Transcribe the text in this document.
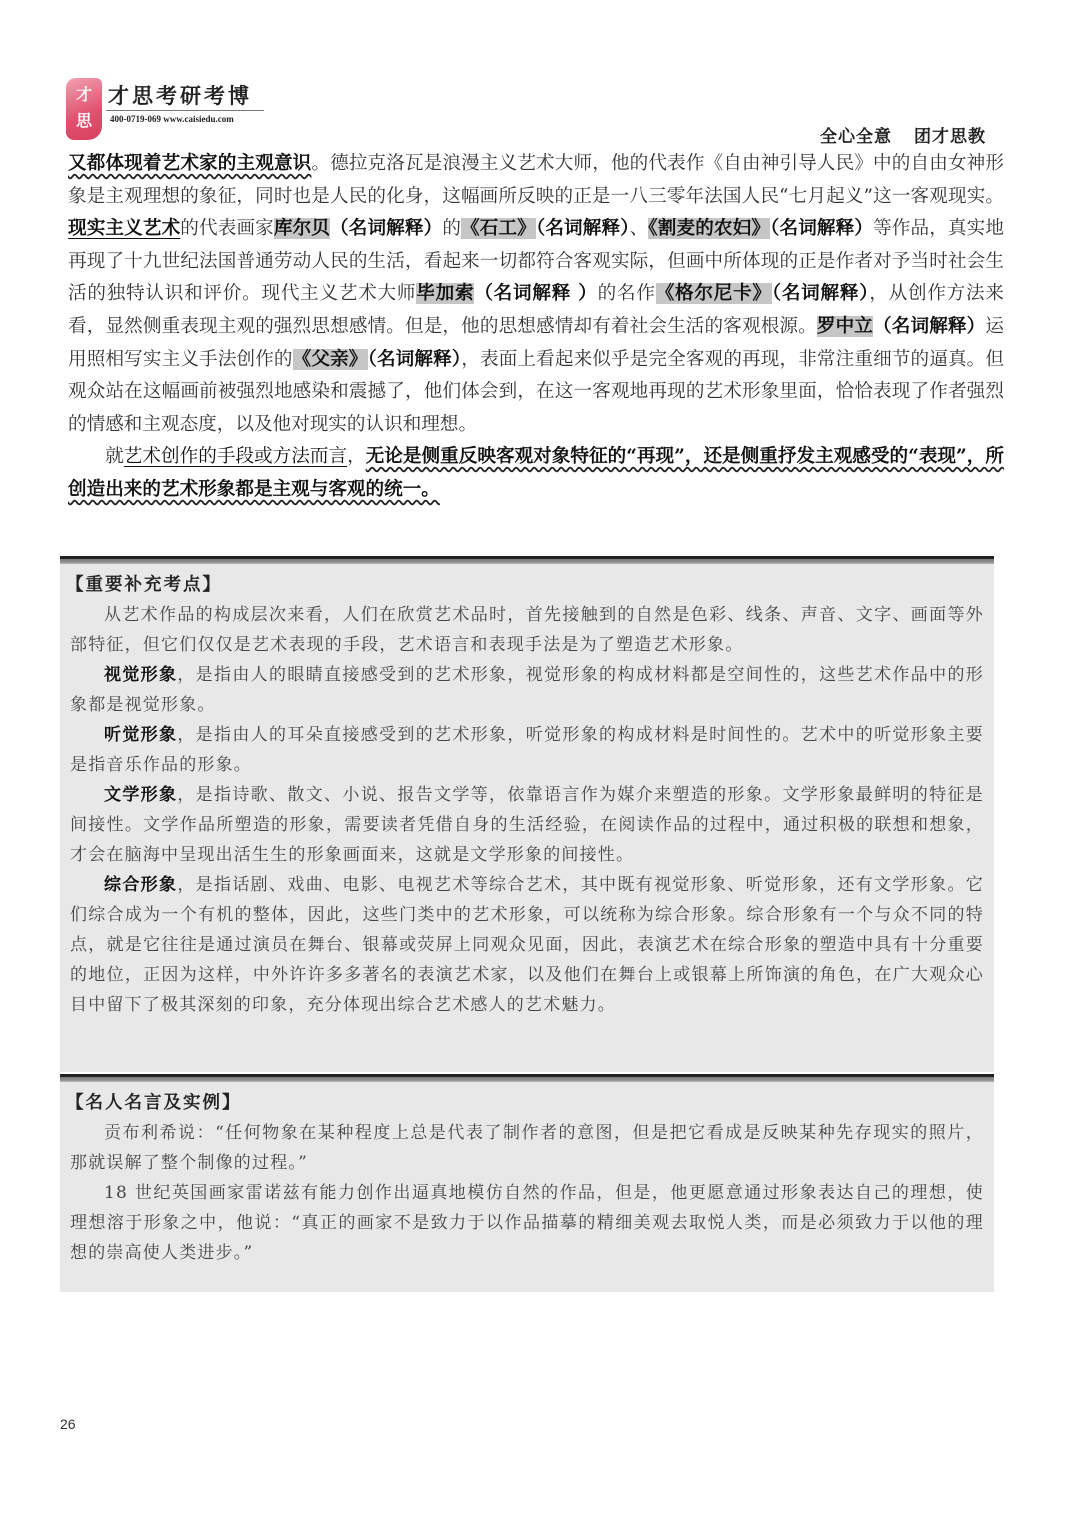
才
思
才思考研考博
400-0719-069 www.caisiedu.com
全心全意 团才思教

又都体现着艺术家的主观意识。德拉克洛瓦是浪漫主义艺术大师，他的代表作《自由神引导人民》中的自由女神形象是主观理想的象征，同时也是人民的化身，这幅画所反映的正是一八三零年法国人民“七月起义”这一客观现实。现实主义艺术的代表画家库尔贝（名词解释）的《石工》（名词解释）、《割麦的农妇》（名词解释）等作品，真实地再现了十九世纪法国普通劳动人民的生活，看起来一切都符合客观实际，但画中所体现的正是作者对予当时社会生活的独特认识和评价。现代主义艺术大师毕加索（名词解释 ）的名作《格尔尼卡》（名词解释），从创作方法来看，显然侧重表现主观的强烈思想感情。但是，他的思想感情却有着社会生活的客观根源。罗中立（名词解释）运用照相写实主义手法创作的《父亲》（名词解释），表面上看起来似乎是完全客观的再现，非常注重细节的逼真。但观众站在这幅画前被强烈地感染和震撼了，他们体会到，在这一客观地再现的艺术形象里面，恰恰表现了作者强烈的情感和主观态度，以及他对现实的认识和理想。

就艺术创作的手段或方法而言，无论是侧重反映客观对象特征的“再现”，还是侧重抒发主观感受的“表现”，所创造出来的艺术形象都是主观与客观的统一。

【重要补充考点】

从艺术作品的构成层次来看，人们在欣赏艺术品时，首先接触到的自然是色彩、线条、声音、文字、画面等外部特征，但它们仅仅是艺术表现的手段，艺术语言和表现手法是为了塑造艺术形象。

视觉形象，是指由人的眼睛直接感受到的艺术形象，视觉形象的构成材料都是空间性的，这些艺术作品中的形象都是视觉形象。

听觉形象，是指由人的耳朵直接感受到的艺术形象，听觉形象的构成材料是时间性的。艺术中的听觉形象主要是指音乐作品的形象。

文学形象，是指诗歌、散文、小说、报告文学等，依靠语言作为媒介来塑造的形象。文学形象最鲜明的特征是间接性。文学作品所塑造的形象，需要读者凭借自身的生活经验，在阅读作品的过程中，通过积极的联想和想象，才会在脑海中呈现出活生生的形象画面来，这就是文学形象的间接性。

综合形象，是指话剧、戏曲、电影、电视艺术等综合艺术，其中既有视觉形象、听觉形象，还有文学形象。它们综合成为一个有机的整体，因此，这些门类中的艺术形象，可以统称为综合形象。综合形象有一个与众不同的特点，就是它往往是通过演员在舞台、银幕或荧屏上同观众见面，因此，表演艺术在综合形象的塑造中具有十分重要的地位，正因为这样，中外许许多多著名的表演艺术家，以及他们在舞台上或银幕上所饰演的角色，在广大观众心目中留下了极其深刻的印象，充分体现出综合艺术感人的艺术魅力。

【名人名言及实例】

贡布利希说：“任何物象在某种程度上总是代表了制作者的意图，但是把它看成是反映某种先存现实的照片，那就误解了整个制像的过程。”

18 世纪英国画家雷诺兹有能力创作出逼真地模仿自然的作品，但是，他更愿意通过形象表达自己的理想，使理想溶于形象之中，他说：“真正的画家不是致力于以作品描摹的精细美观去取悦人类，而是必须致力于以他的理想的崇高使人类进步。”

26
